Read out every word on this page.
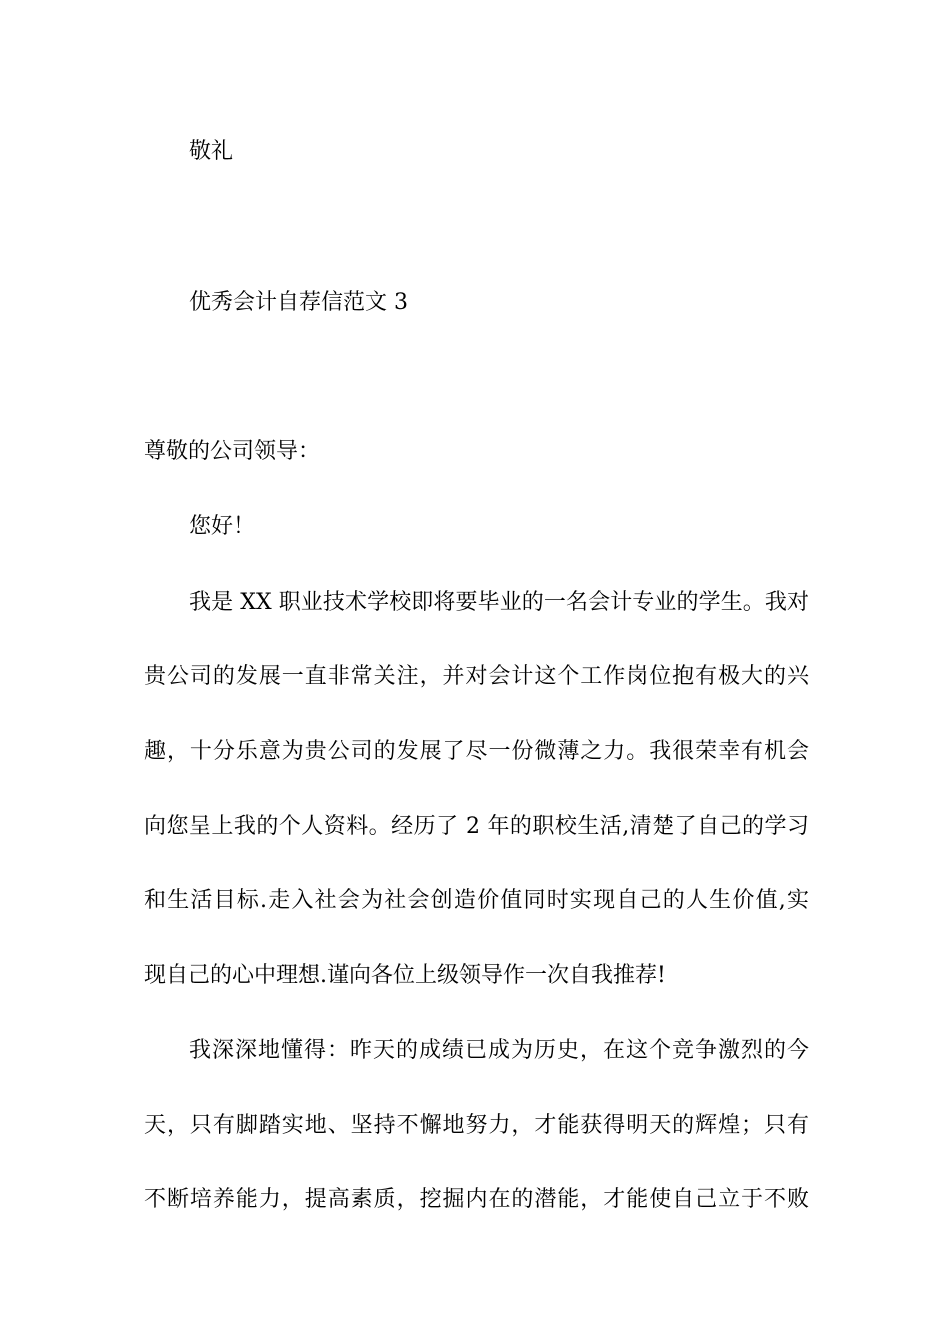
敬礼
优秀会计自荐信范文 3
尊敬的公司领导：
您好！
我是 XX 职业技术学校即将要毕业的一名会计专业的学生。我对
贵公司的发展一直非常关注，并对会计这个工作岗位抱有极大的兴
趣，十分乐意为贵公司的发展了尽一份微薄之力。我很荣幸有机会
向您呈上我的个人资料。经历了 2 年的职校生活,清楚了自己的学习
和生活目标.走入社会为社会创造价值同时实现自己的人生价值,实
现自己的心中理想.谨向各位上级领导作一次自我推荐!
我深深地懂得：昨天的成绩已成为历史，在这个竞争激烈的今
天，只有脚踏实地、坚持不懈地努力，才能获得明天的辉煌；只有
不断培养能力，提高素质，挖掘内在的潜能，才能使自己立于不败
